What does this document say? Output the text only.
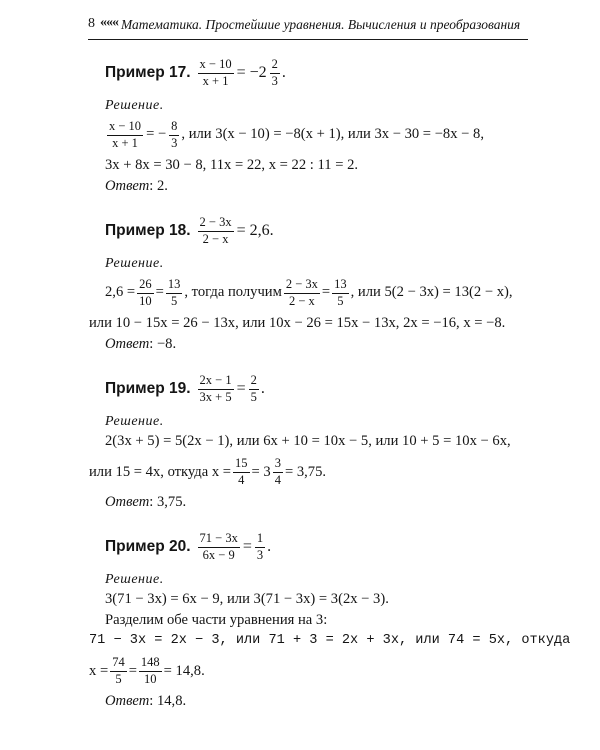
8 ««« Математика. Простейшие уравнения. Вычисления и преобразования
Пример 17. $\frac{x - 10}{x + 1} = -2 \frac{2}{3}$ .
Решение.
$\frac{x - 10}{x + 1}$ = − $\frac{8}{3}$ , или 3(x − 10) = −8(x + 1), или 3x − 30 = −8x − 8,
3x + 8x = 30 − 8, 11x = 22, x = 22 : 11 = 2.
Ответ: 2.
Пример 18. $\frac{2 - 3x}{2 - x} = 2,6$.
Решение.
$2,6 = \frac{26}{10} = \frac{13}{5}$ , тогда получим $\frac{2 - 3x}{2 - x} = \frac{13}{5}$ , или 5(2 − 3x) = 13(2 − x),
или 10 − 15x = 26 − 13x, или 10x − 26 = 15x − 13x, 2x = −16, x = −8.
Ответ: −8.
Пример 19. $\frac{2x - 1}{3x + 5} = \frac{2}{5}$ .
Решение.
2(3x + 5) = 5(2x − 1), или 6x + 10 = 10x − 5, или 10 + 5 = 10x − 6x,
или 15 = 4x, откуда $x = \frac{15}{4} = 3 \frac{3}{4} = 3,75$.
Ответ: 3,75.
Пример 20. $\frac{71 - 3x}{6x - 9} = \frac{1}{3}$ .
Решение.
3(71 − 3x) = 6x − 9, или 3(71 − 3x) = 3(2x − 3).
Разделим обе части уравнения на 3:
71 − 3x = 2x − 3, или 71 + 3 = 2x + 3x, или 74 = 5x, откуда
$x = \frac{74}{5} = \frac{148}{10} = 14,8$.
Ответ: 14,8.
